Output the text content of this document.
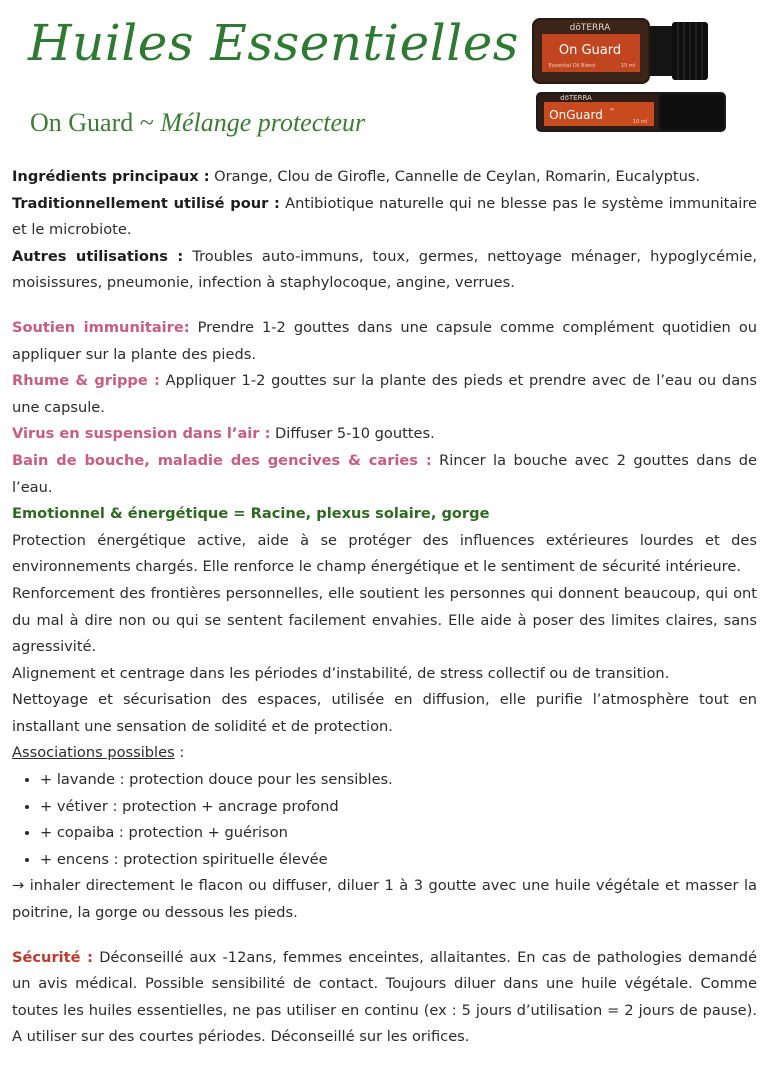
Huiles Essentielles
On Guard ~ Mélange protecteur
dōTERRA
On Guard
Essential Oil Blend	15 ml
dōTERRA
OnGuard ™
10 ml

Ingrédients principaux : Orange, Clou de Girofle, Cannelle de Ceylan, Romarin, Eucalyptus.

Traditionnellement utilisé pour : Antibiotique naturelle qui ne blesse pas le système immunitaire et le microbiote.

Autres utilisations : Troubles auto-immuns, toux, germes, nettoyage ménager, hypoglycémie, moisissures, pneumonie, infection à staphylocoque, angine, verrues.

Soutien immunitaire: Prendre 1-2 gouttes dans une capsule comme complément quotidien ou appliquer sur la plante des pieds.

Rhume & grippe : Appliquer 1-2 gouttes sur la plante des pieds et prendre avec de l’eau ou dans une capsule.

Virus en suspension dans l’air : Diffuser 5-10 gouttes.

Bain de bouche, maladie des gencives & caries : Rincer la bouche avec 2 gouttes dans de l’eau.

Emotionnel & énergétique = Racine, plexus solaire, gorge

Protection énergétique active, aide à se protéger des influences extérieures lourdes et des environnements chargés. Elle renforce le champ énergétique et le sentiment de sécurité intérieure.

Renforcement des frontières personnelles, elle soutient les personnes qui donnent beaucoup, qui ont du mal à dire non ou qui se sentent facilement envahies. Elle aide à poser des limites claires, sans agressivité.

Alignement et centrage dans les périodes d’instabilité, de stress collectif ou de transition.

Nettoyage et sécurisation des espaces, utilisée en diffusion, elle purifie l’atmosphère tout en installant une sensation de solidité et de protection.

Associations possibles :

• + lavande : protection douce pour les sensibles.
• + vétiver : protection + ancrage profond
• + copaiba : protection + guérison
• + encens : protection spirituelle élevée

→ inhaler directement le flacon ou diffuser, diluer 1 à 3 goutte avec une huile végétale et masser la poitrine, la gorge ou dessous les pieds.

Sécurité : Déconseillé aux -12ans, femmes enceintes, allaitantes. En cas de pathologies demandé un avis médical. Possible sensibilité de contact. Toujours diluer dans une huile végétale. Comme toutes les huiles essentielles, ne pas utiliser en continu (ex : 5 jours d’utilisation = 2 jours de pause). A utiliser sur des courtes périodes. Déconseillé sur les orifices.
